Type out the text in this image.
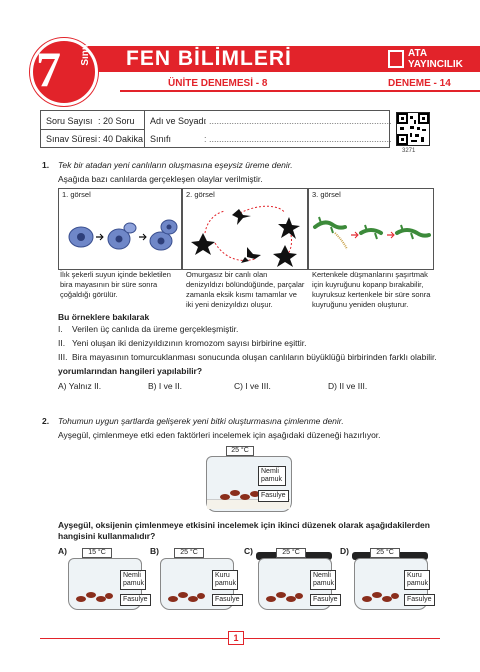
7 Sınıf FEN BİLİMLERİ	ATA
YAYINCILIK
ÜNİTE DENEMESİ - 8	DENEME - 14
Soru Sayısı : 20 Soru
Sınav Süresi : 40 Dakika
Adı ve Soyadı
: .........................................................................
Sınıfı	: .........................................................................
3271
1. Tek bir atadan yeni canlıların oluşmasına eşeysiz üreme denir.
Aşağıda bazı canlılarda gerçekleşen olaylar verilmiştir.
1. görsel	2. görsel	3. görsel
İlık şekerli suyun içinde bekletilen bira mayasının bir süre sonra çoğaldığı görülür.
Omurgasız bir canlı olan denizyıldızı bölündüğünde, parçalar zamanla eksik kısmı tamamlar ve iki yeni denizyıldızı oluşur.
Kertenkele düşmanlarını şaşırtmak için kuyruğunu kopanp bırakabilir, kuyruksuz kertenkele bir süre sonra kuyruğunu yeniden oluşturur.
Bu örneklere bakılarak
I. Verilen üç canlıda da üreme gerçekleşmiştir.
II. Yeni oluşan iki denizyıldızının kromozom sayısı birbirine eşittir.
III. Bira mayasının tomurcuklanması sonucunda oluşan canlıların büyüklüğü birbirinden farklı olabilir.
yorumlarından hangileri yapılabilir?
A) Yalnız II.	B) I ve II.	C) I ve III.	D) II ve III.
2. Tohumun uygun şartlarda gelişerek yeni bitki oluşturmasına çimlenme denir.
Ayşegül, çimlenmeye etki eden faktörleri incelemek için aşağıdaki düzeneği hazırlıyor.
25 °C
Nemli pamuk
Fasulye
Ayşegül, oksijenin çimlenmeye etkisini incelemek için ikinci düzenek olarak aşağıdakilerden hangisini kullanmalıdır?
A)	15 °C
Nemli pamuk
Fasulye
B)	25 °C
Kuru pamuk
Fasulye
C)	25 °C
Nemli pamuk
Fasulye
D)	25 °C
Kuru pamuk
Fasulye
1
